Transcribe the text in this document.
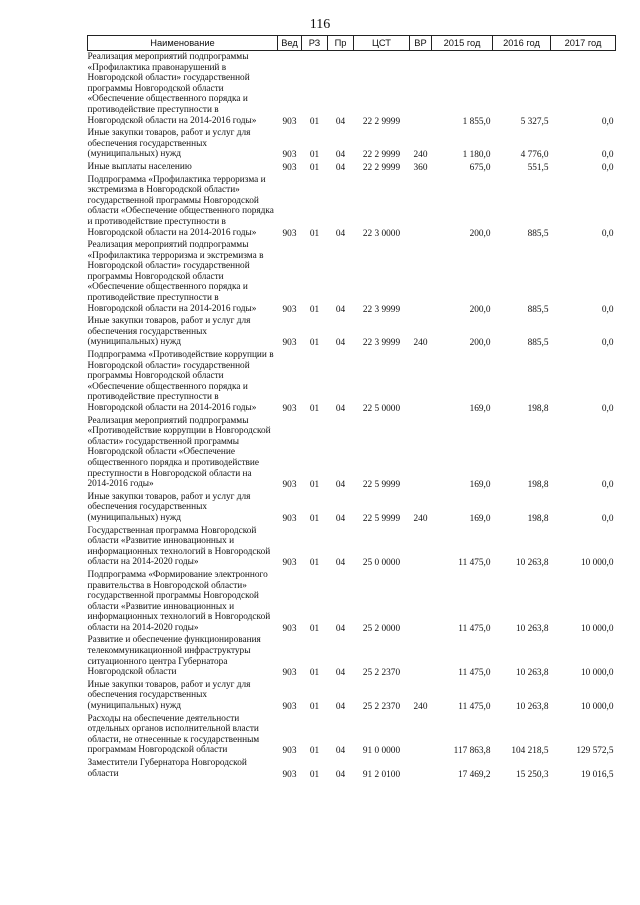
116
Наименование	Вед	РЗ	Пр	ЦСТ	ВР	2015 год	2016 год	2017 год
Реализация мероприятий подпрограммы «Профилактика правонарушений в Новгородской области» государственной программы Новгородской области «Обеспечение общественного порядка и противодействие преступности в Новгородской области на 2014-2016 годы»	903	01	04	22 2 9999		1 855,0	5 327,5	0,0
Иные закупки товаров, работ и услуг для обеспечения государственных (муниципальных) нужд	903	01	04	22 2 9999	240	1 180,0	4 776,0	0,0
Иные выплаты населению	903	01	04	22 2 9999	360	675,0	551,5	0,0
Подпрограмма «Профилактика терроризма и экстремизма в Новгородской области» государственной программы Новгородской области «Обеспечение общественного порядка и противодействие преступности в Новгородской области на 2014-2016 годы»	903	01	04	22 3 0000		200,0	885,5	0,0
Реализация мероприятий подпрограммы «Профилактика терроризма и экстремизма в Новгородской области» государственной программы Новгородской области «Обеспечение общественного порядка и противодействие преступности в Новгородской области на 2014-2016 годы»	903	01	04	22 3 9999		200,0	885,5	0,0
Иные закупки товаров, работ и услуг для обеспечения государственных (муниципальных) нужд	903	01	04	22 3 9999	240	200,0	885,5	0,0
Подпрограмма «Противодействие коррупции в Новгородской области» государственной программы Новгородской области «Обеспечение общественного порядка и противодействие преступности в Новгородской области на 2014-2016 годы»	903	01	04	22 5 0000		169,0	198,8	0,0
Реализация мероприятий подпрограммы «Противодействие коррупции в Новгородской области» государственной программы Новгородской области «Обеспечение общественного порядка и противодействие преступности в Новгородской области на 2014-2016 годы»	903	01	04	22 5 9999		169,0	198,8	0,0
Иные закупки товаров, работ и услуг для обеспечения государственных (муниципальных) нужд	903	01	04	22 5 9999	240	169,0	198,8	0,0
Государственная программа Новгородской области «Развитие инновационных и информационных технологий в Новгородской области на 2014-2020 годы»	903	01	04	25 0 0000		11 475,0	10 263,8	10 000,0
Подпрограмма «Формирование электронного правительства в Новгородской области» государственной программы Новгородской области «Развитие инновационных и информационных технологий в Новгородской области на 2014-2020 годы»	903	01	04	25 2 0000		11 475,0	10 263,8	10 000,0
Развитие и обеспечение функционирования телекоммуникационной инфраструктуры ситуационного центра Губернатора Новгородской области	903	01	04	25 2 2370		11 475,0	10 263,8	10 000,0
Иные закупки товаров, работ и услуг для обеспечения государственных (муниципальных) нужд	903	01	04	25 2 2370	240	11 475,0	10 263,8	10 000,0
Расходы на обеспечение деятельности отдельных органов исполнительной власти области, не отнесенные к государственным программам Новгородской области	903	01	04	91 0 0000		117 863,8	104 218,5	129 572,5
Заместители Губернатора Новгородской области	903	01	04	91 2 0100		17 469,2	15 250,3	19 016,5
